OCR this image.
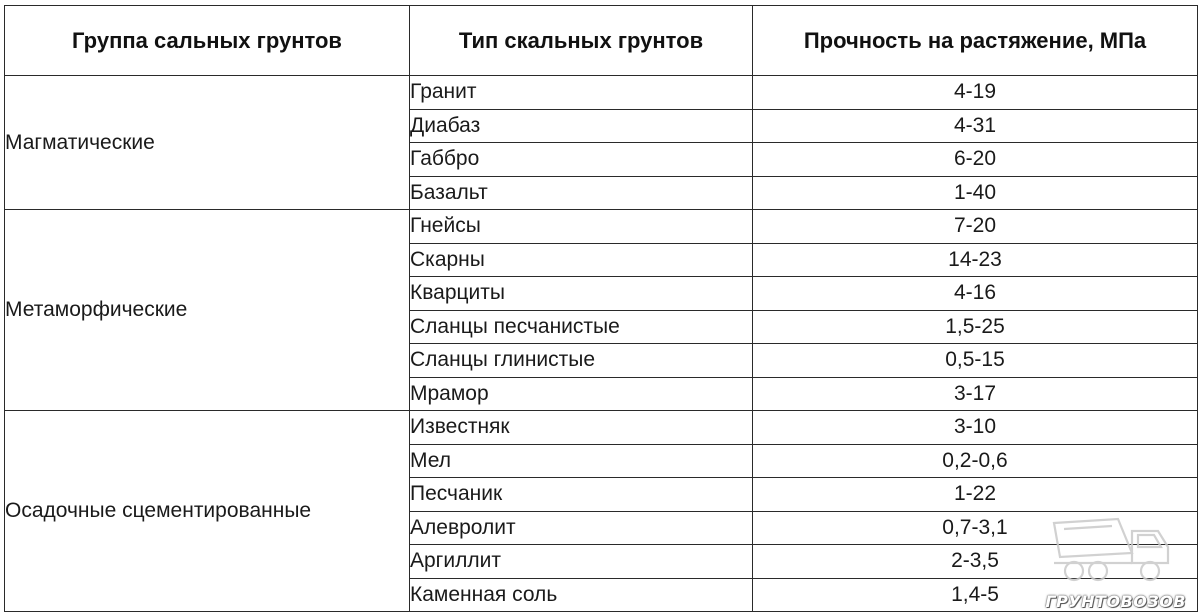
Группа сальных грунтов	Тип скальных грунтов	Прочность на растяжение, МПа
Магматические	Гранит	4-19
	Диабаз	4-31
	Габбро	6-20
	Базальт	1-40
Метаморфические	Гнейсы	7-20
	Скарны	14-23
	Кварциты	4-16
	Сланцы песчанистые	1,5-25
	Сланцы глинистые	0,5-15
	Мрамор	3-17
Осадочные сцементированные	Известняк	3-10
	Мел	0,2-0,6
	Песчаник	1-22
	Алевролит	0,7-3,1
	Аргиллит	2-3,5
	Каменная соль	1,4-5	ГРУНТОВОЗОВ
